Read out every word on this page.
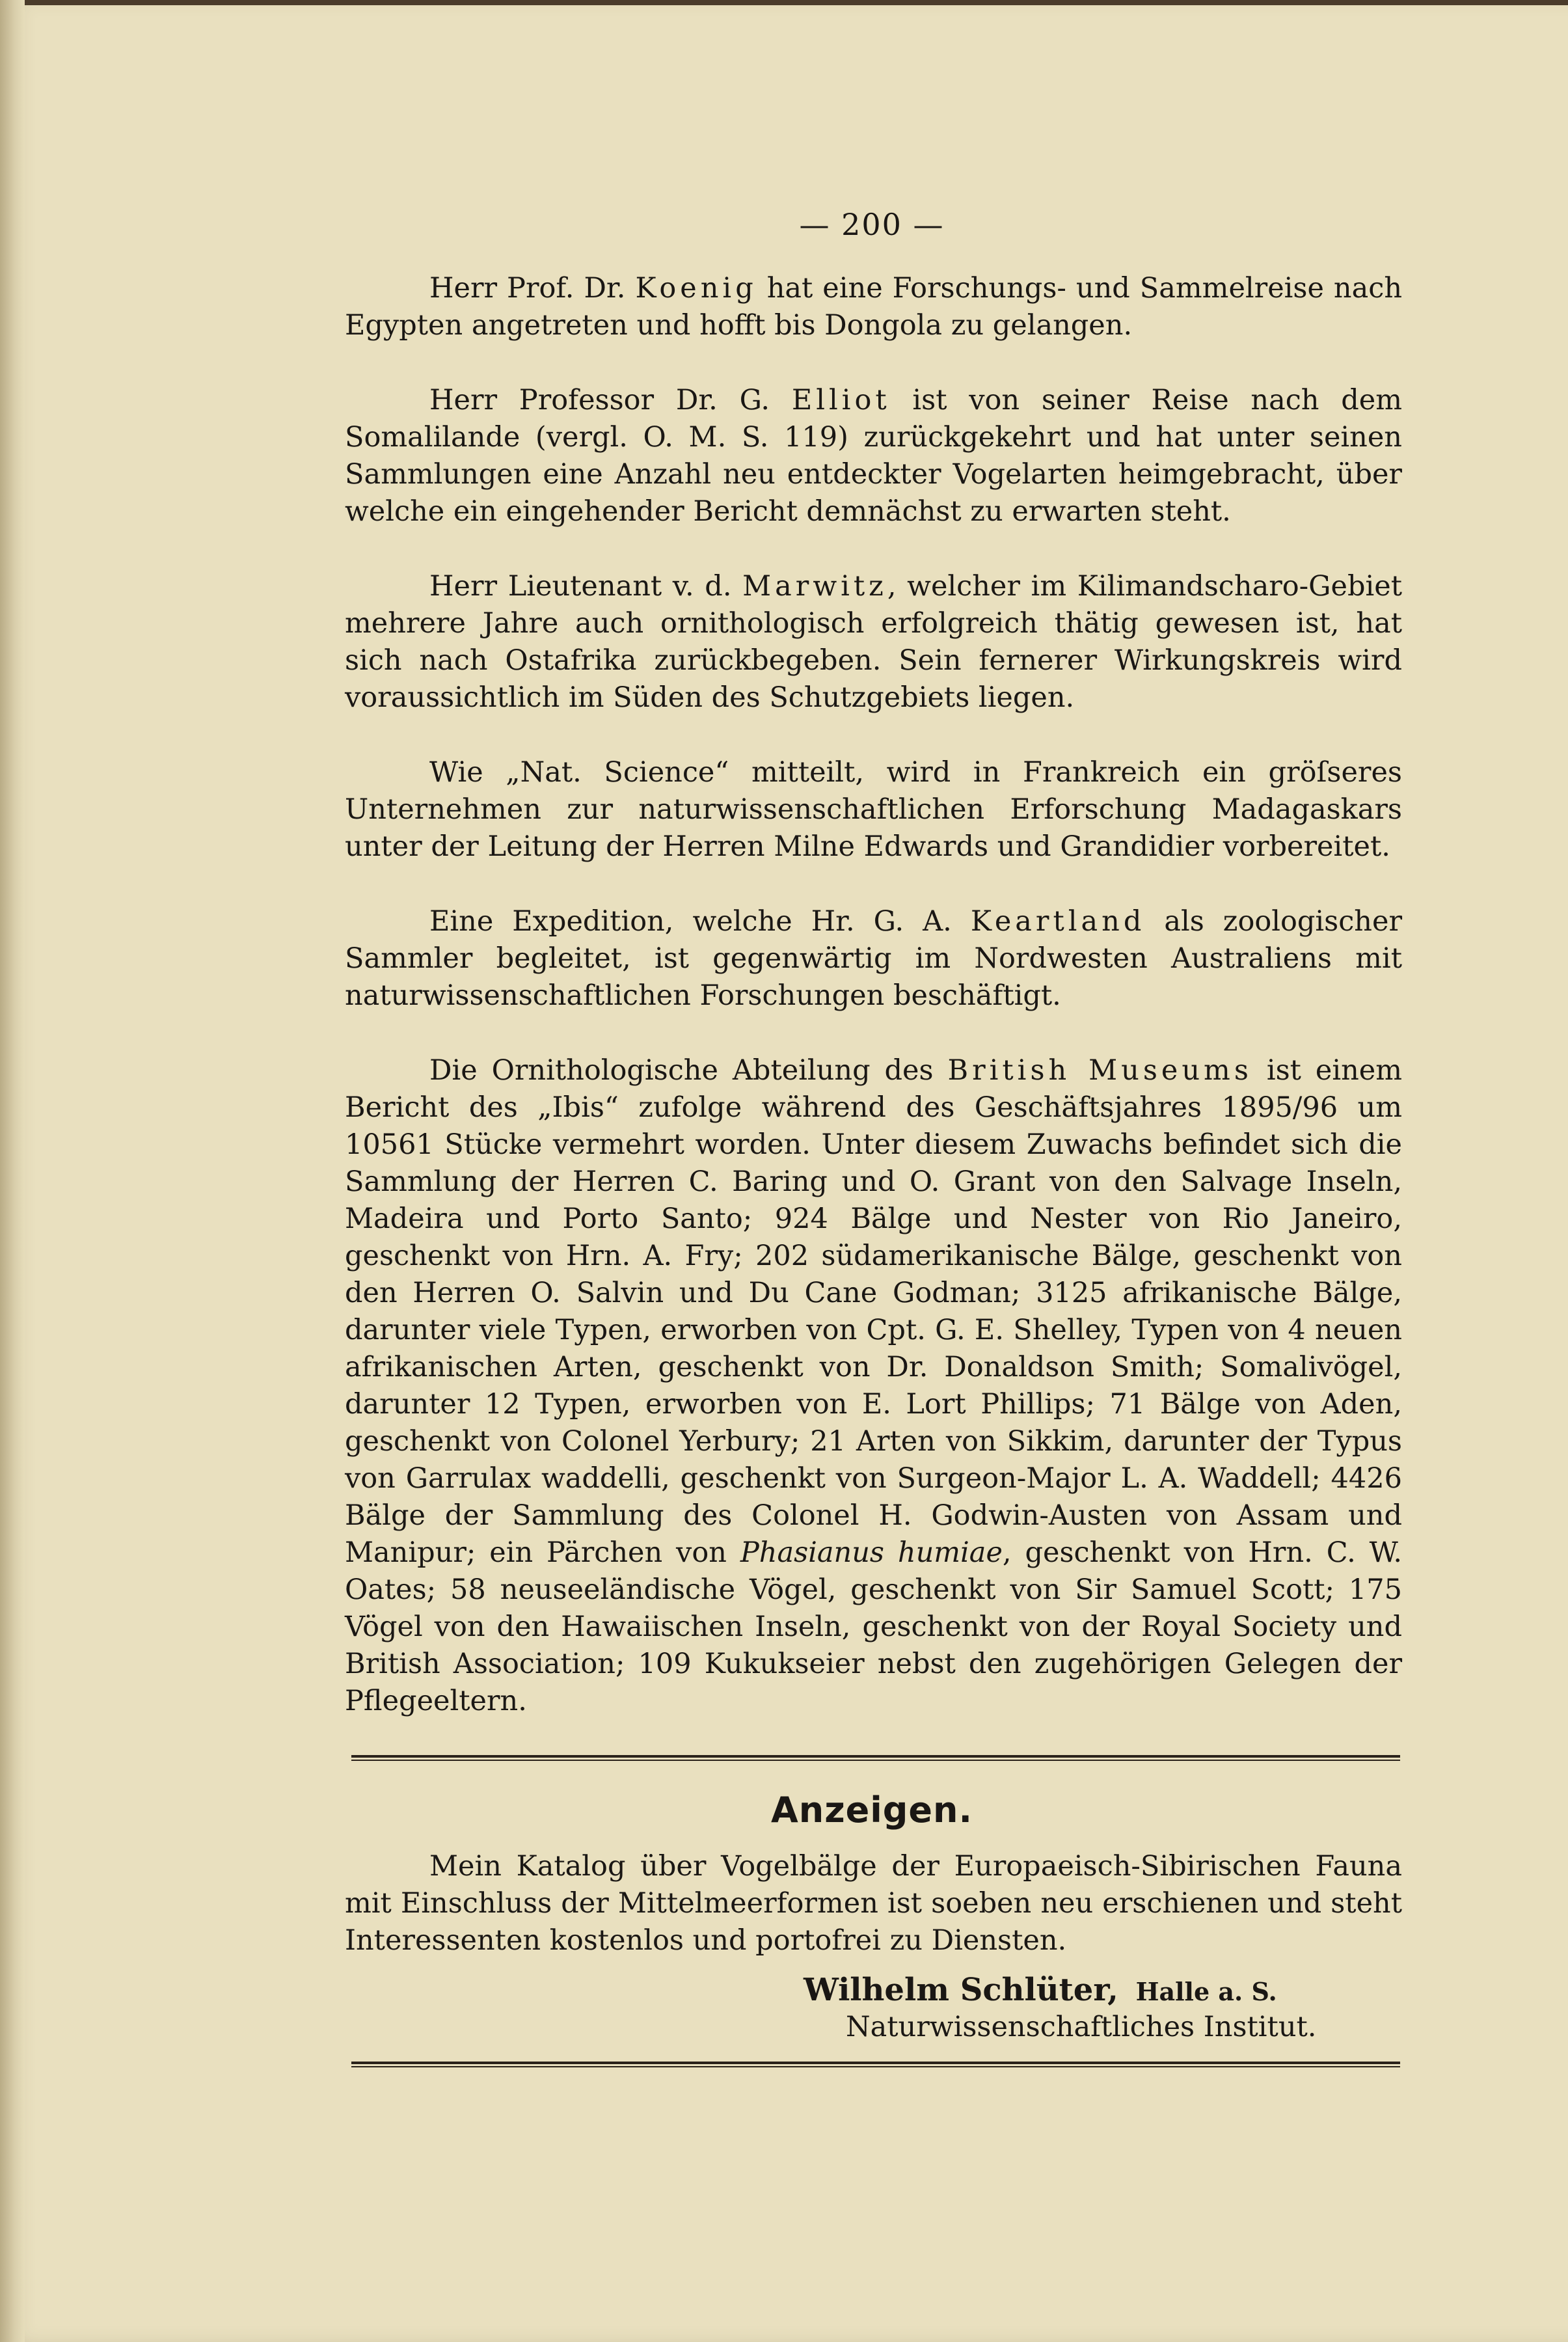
— 200 —

Herr Prof. Dr. Koenig hat eine Forschungs- und Sammelreise nach Egypten angetreten und hofft bis Dongola zu gelangen.

Herr Professor Dr. G. Elliot ist von seiner Reise nach dem Somalilande (vergl. O. M. S. 119) zurückgekehrt und hat unter seinen Sammlungen eine Anzahl neu entdeckter Vogelarten heimgebracht, über welche ein eingehender Bericht demnächst zu erwarten steht.

Herr Lieutenant v. d. Marwitz, welcher im Kilimandscharo-Gebiet mehrere Jahre auch ornithologisch erfolgreich thätig gewesen ist, hat sich nach Ostafrika zurückbegeben. Sein fernerer Wirkungskreis wird voraussichtlich im Süden des Schutzgebiets liegen.

Wie „Nat. Science“ mitteilt, wird in Frankreich ein gröſseres Unternehmen zur naturwissenschaftlichen Erforschung Madagaskars unter der Leitung der Herren Milne Edwards und Grandidier vorbereitet.

Eine Expedition, welche Hr. G. A. Keartland als zoologischer Sammler begleitet, ist gegenwärtig im Nordwesten Australiens mit naturwissenschaftlichen Forschungen beschäftigt.

Die Ornithologische Abteilung des British Museums ist einem Bericht des „Ibis“ zufolge während des Geschäftsjahres 1895/96 um 10561 Stücke vermehrt worden. Unter diesem Zuwachs befindet sich die Sammlung der Herren C. Baring und O. Grant von den Salvage Inseln, Madeira und Porto Santo; 924 Bälge und Nester von Rio Janeiro, geschenkt von Hrn. A. Fry; 202 südamerikanische Bälge, geschenkt von den Herren O. Salvin und Du Cane Godman; 3125 afrikanische Bälge, darunter viele Typen, erworben von Cpt. G. E. Shelley, Typen von 4 neuen afrikanischen Arten, geschenkt von Dr. Donaldson Smith; Somalivögel, darunter 12 Typen, erworben von E. Lort Phillips; 71 Bälge von Aden, geschenkt von Colonel Yerbury; 21 Arten von Sikkim, darunter der Typus von Garrulax waddelli, geschenkt von Surgeon-Major L. A. Waddell; 4426 Bälge der Sammlung des Colonel H. Godwin-Austen von Assam und Manipur; ein Pärchen von Phasianus humiae, geschenkt von Hrn. C. W. Oates; 58 neuseeländische Vögel, geschenkt von Sir Samuel Scott; 175 Vögel von den Hawaiischen Inseln, geschenkt von der Royal Society und British Association; 109 Kukukseier nebst den zugehörigen Gelegen der Pflegeeltern.

Anzeigen.

Mein Katalog über Vogelbälge der Europaeisch-Sibirischen Fauna mit Einschluss der Mittelmeerformen ist soeben neu erschienen und steht Interessenten kostenlos und portofrei zu Diensten.

Wilhelm Schlüter, Halle a. S.
Naturwissenschaftliches Institut.
